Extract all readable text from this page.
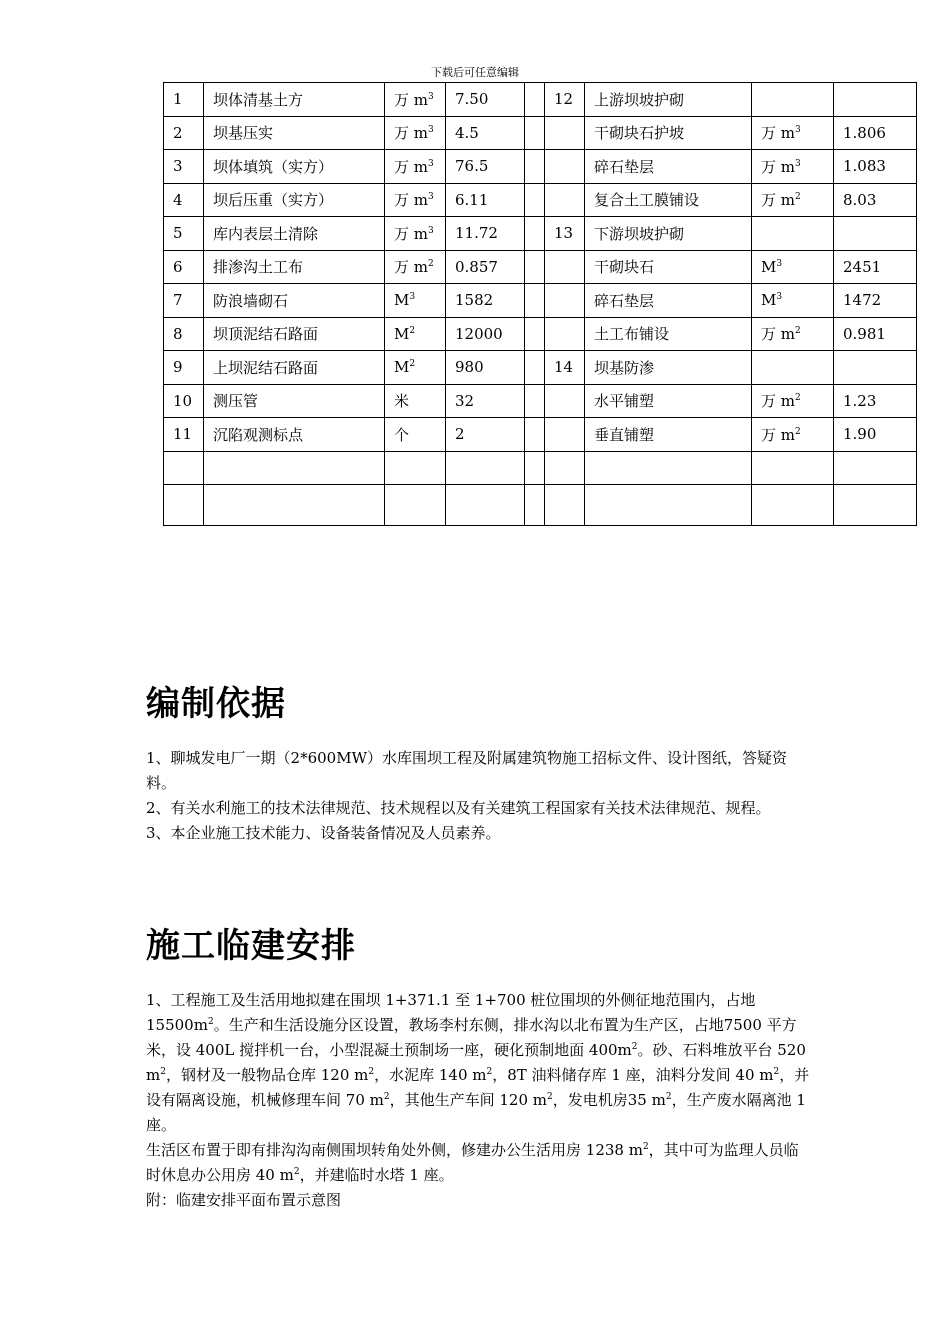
下载后可任意编辑
1	坝体清基土方	万 $m^3$	7.50		12	上游坝坡护砌		
2	坝基压实	万 $m^3$	4.5			干砌块石护坡	万 $m^3$	1.806
3	坝体填筑（实方）	万 $m^3$	76.5			碎石垫层	万 $m^3$	1.083
4	坝后压重（实方）	万 $m^3$	6.11			复合土工膜铺设	万 $m^2$	8.03
5	库内表层土清除	万 $m^3$	11.72		13	下游坝坡护砌		
6	排渗沟土工布	万 $m^2$	0.857			干砌块石	$M^3$	2451
7	防浪墙砌石	$M^3$	1582			碎石垫层	$M^3$	1472
8	坝顶泥结石路面	$M^2$	12000			土工布铺设	万 $m^2$	0.981
9	上坝泥结石路面	$M^2$	980		14	坝基防渗		
10	测压管	米	32			水平铺塑	万 $m^2$	1.23
11	沉陷观测标点	个	2			垂直铺塑	万 $m^2$	1.90

编制依据

1、聊城发电厂一期（2*600MW）水库围坝工程及附属建筑物施工招标文件、设计图纸，答疑资料。

2、有关水利施工的技术法律规范、技术规程以及有关建筑工程国家有关技术法律规范、规程。

3、本企业施工技术能力、设备装备情况及人员素养。

施工临建安排

1、工程施工及生活用地拟建在围坝 1+371.1 至 1+700 桩位围坝的外侧征地范围内，占地$15500m^2$。生产和生活设施分区设置，教场李村东侧，排水沟以北布置为生产区，占地7500 平方米，设 400L 搅拌机一台，小型混凝土预制场一座，硬化预制地面 $400m^2$。砂、石料堆放平台 520 $m^2$，钢材及一般物品仓库 120 $m^2$，水泥库 140 $m^2$，8T 油料储存库 1 座，油料分发间 40 $m^2$，并设有隔离设施，机械修理车间 70 $m^2$，其他生产车间 120 $m^2$，发电机房35 $m^2$，生产废水隔离池 1 座。

生活区布置于即有排沟沟南侧围坝转角处外侧，修建办公生活用房 1238 $m^2$，其中可为监理人员临时休息办公用房 40 $m^2$，并建临时水塔 1 座。

附：临建安排平面布置示意图
